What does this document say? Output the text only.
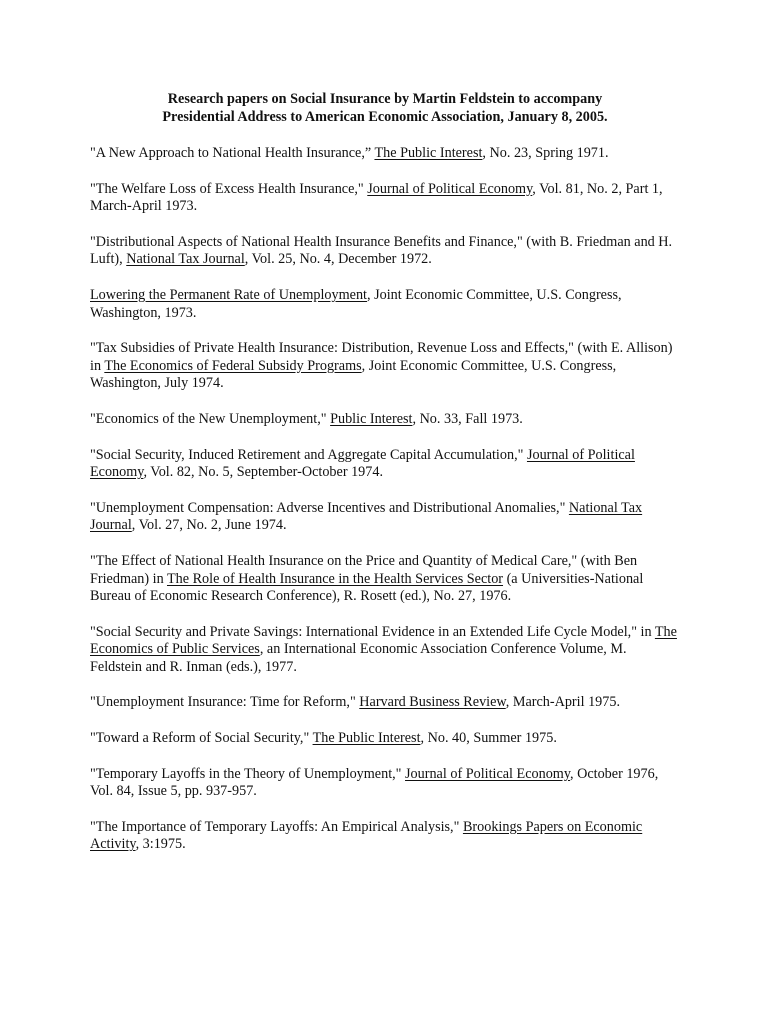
Research papers on Social Insurance by Martin Feldstein to accompany
Presidential Address to American Economic Association, January 8, 2005.
"A New Approach to National Health Insurance,” The Public Interest, No. 23, Spring 1971.
"The Welfare Loss of Excess Health Insurance," Journal of Political Economy, Vol. 81, No. 2, Part 1, March-April 1973.
"Distributional Aspects of National Health Insurance Benefits and Finance," (with B. Friedman and H. Luft), National Tax Journal, Vol. 25, No. 4, December 1972.
Lowering the Permanent Rate of Unemployment, Joint Economic Committee, U.S. Congress, Washington, 1973.
"Tax Subsidies of Private Health Insurance: Distribution, Revenue Loss and Effects," (with E. Allison) in The Economics of Federal Subsidy Programs, Joint Economic Committee, U.S. Congress, Washington, July 1974.
"Economics of the New Unemployment," Public Interest, No. 33, Fall 1973.
"Social Security, Induced Retirement and Aggregate Capital Accumulation," Journal of Political Economy, Vol. 82, No. 5, September-October 1974.
"Unemployment Compensation: Adverse Incentives and Distributional Anomalies," National Tax Journal, Vol. 27, No. 2, June 1974.
"The Effect of National Health Insurance on the Price and Quantity of Medical Care," (with Ben Friedman) in The Role of Health Insurance in the Health Services Sector (a Universities-National Bureau of Economic Research Conference), R. Rosett (ed.), No. 27, 1976.
"Social Security and Private Savings: International Evidence in an Extended Life Cycle Model," in The Economics of Public Services, an International Economic Association Conference Volume, M. Feldstein and R. Inman (eds.), 1977.
"Unemployment Insurance: Time for Reform," Harvard Business Review, March-April 1975.
"Toward a Reform of Social Security," The Public Interest, No. 40, Summer 1975.
"Temporary Layoffs in the Theory of Unemployment," Journal of Political Economy, October 1976, Vol. 84, Issue 5, pp. 937-957.
"The Importance of Temporary Layoffs: An Empirical Analysis," Brookings Papers on Economic Activity, 3:1975.
